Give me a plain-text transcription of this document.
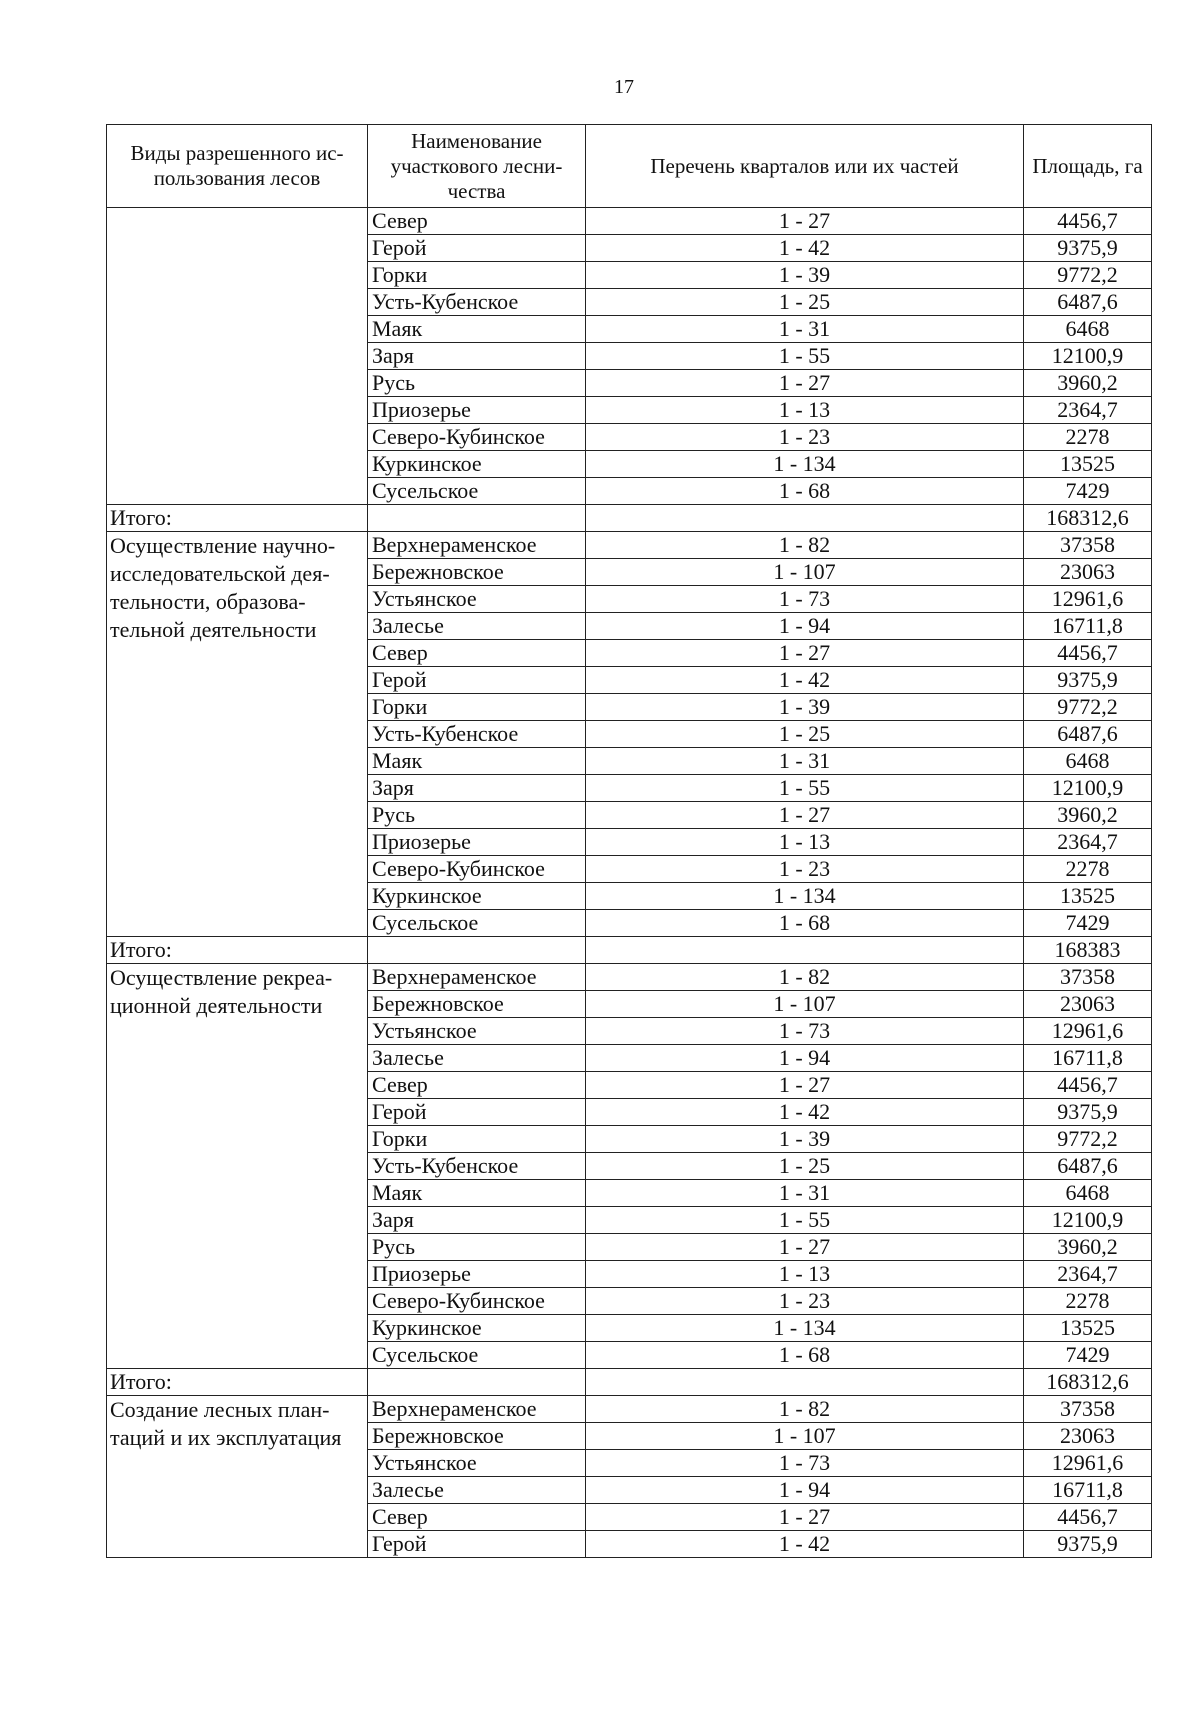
17
Виды разрешенного ис-
пользования лесов	Наименование участкового лесни-чества	Перечень кварталов или их частей	Площадь, га
	Север	1 - 27	4456,7
	Герой	1 - 42	9375,9
	Горки	1 - 39	9772,2
	Усть-Кубенское	1 - 25	6487,6
	Маяк	1 - 31	6468
	Заря	1 - 55	12100,9
	Русь	1 - 27	3960,2
	Приозерье	1 - 13	2364,7
	Северо-Кубинское	1 - 23	2278
	Куркинское	1 - 134	13525
	Сусельское	1 - 68	7429
Итого:			168312,6
Осуществление научно-
исследовательской дея-
тельности, образова-
тельной деятельности	Верхнераменское	1 - 82	37358
	Бережновское	1 - 107	23063
	Устьянское	1 - 73	12961,6
	Залесье	1 - 94	16711,8
	Север	1 - 27	4456,7
	Герой	1 - 42	9375,9
	Горки	1 - 39	9772,2
	Усть-Кубенское	1 - 25	6487,6
	Маяк	1 - 31	6468
	Заря	1 - 55	12100,9
	Русь	1 - 27	3960,2
	Приозерье	1 - 13	2364,7
	Северо-Кубинское	1 - 23	2278
	Куркинское	1 - 134	13525
	Сусельское	1 - 68	7429
Итого:			168383
Осуществление рекреа-
ционной деятельности	Верхнераменское	1 - 82	37358
	Бережновское	1 - 107	23063
	Устьянское	1 - 73	12961,6
	Залесье	1 - 94	16711,8
	Север	1 - 27	4456,7
	Герой	1 - 42	9375,9
	Горки	1 - 39	9772,2
	Усть-Кубенское	1 - 25	6487,6
	Маяк	1 - 31	6468
	Заря	1 - 55	12100,9
	Русь	1 - 27	3960,2
	Приозерье	1 - 13	2364,7
	Северо-Кубинское	1 - 23	2278
	Куркинское	1 - 134	13525
	Сусельское	1 - 68	7429
Итого:			168312,6
Создание лесных план-
таций и их эксплуатация	Верхнераменское	1 - 82	37358
	Бережновское	1 - 107	23063
	Устьянское	1 - 73	12961,6
	Залесье	1 - 94	16711,8
	Север	1 - 27	4456,7
	Герой	1 - 42	9375,9
